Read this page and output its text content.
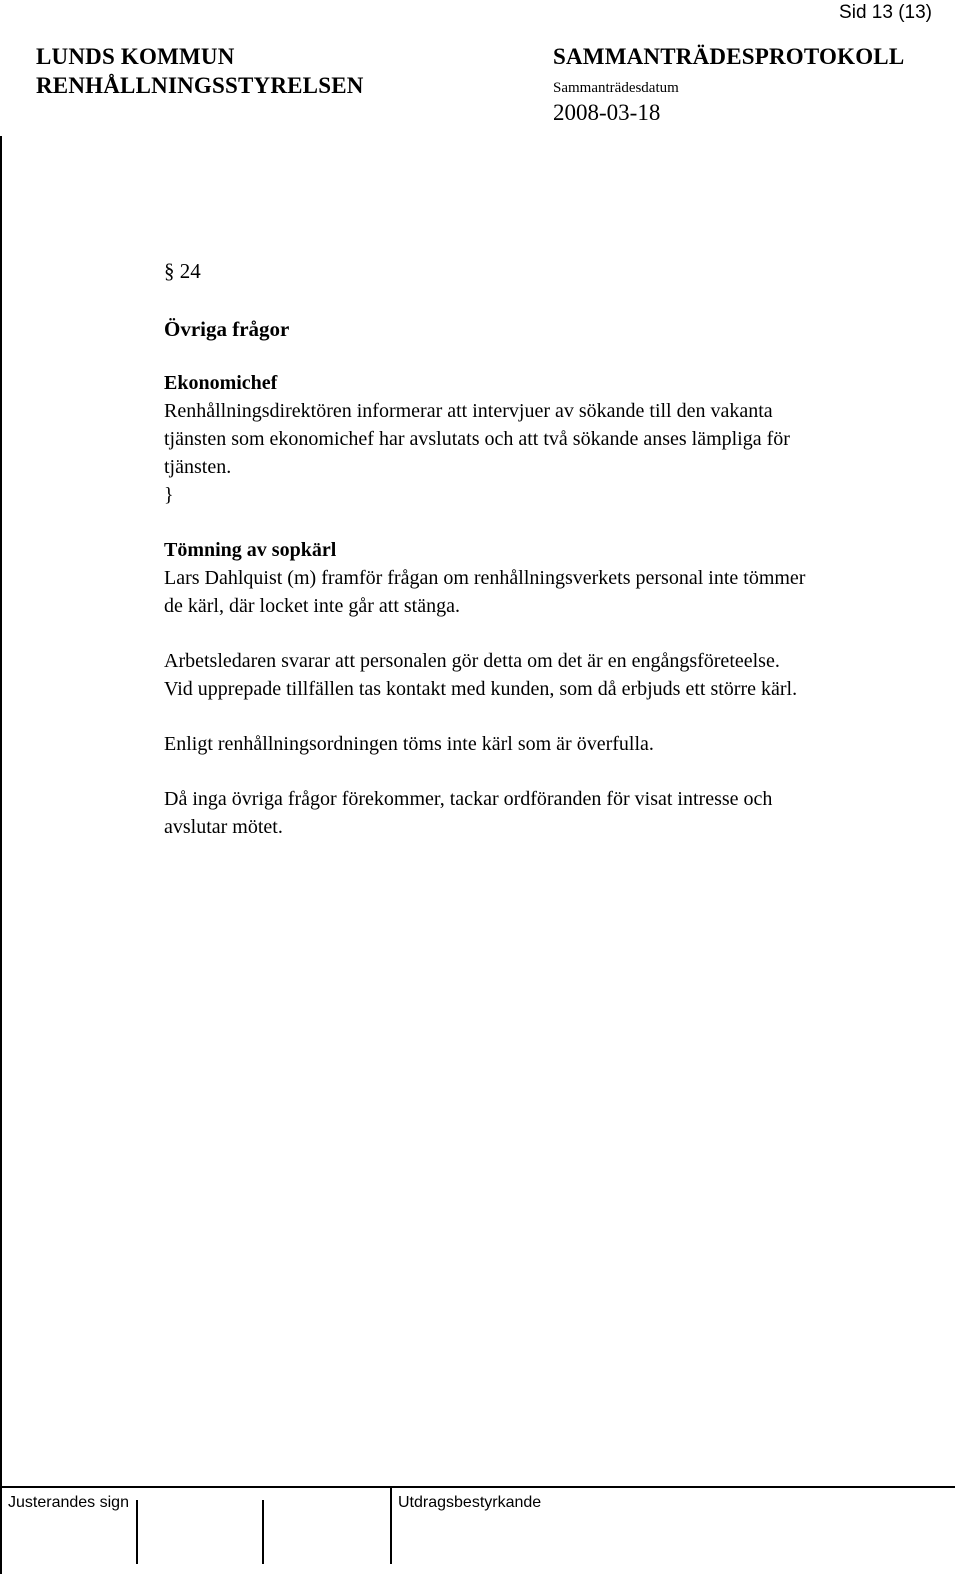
Sid 13 (13)
LUNDS KOMMUN
RENHÅLLNINGSSTYRELSEN
SAMMANTRÄDESPROTOKOLL
Sammanträdesdatum
2008-03-18
§ 24
Övriga frågor
Ekonomichef

Renhållningsdirektören informerar att intervjuer av sökande till den vakanta

tjänsten som ekonomichef har avslutats och att två sökande anses lämpliga för

tjänsten.

}
Tömning av sopkärl

Lars Dahlquist (m) framför frågan om renhållningsverkets personal inte tömmer

de kärl, där locket inte går att stänga.

Arbetsledaren svarar att personalen gör detta om det är en engångsföreteelse.

Vid upprepade tillfällen tas kontakt med kunden, som då erbjuds ett större kärl.

Enligt renhållningsordningen töms inte kärl som är överfulla.

Då inga övriga frågor förekommer, tackar ordföranden för visat intresse och

avslutar mötet.

Justerandes sign	Utdragsbestyrkande
